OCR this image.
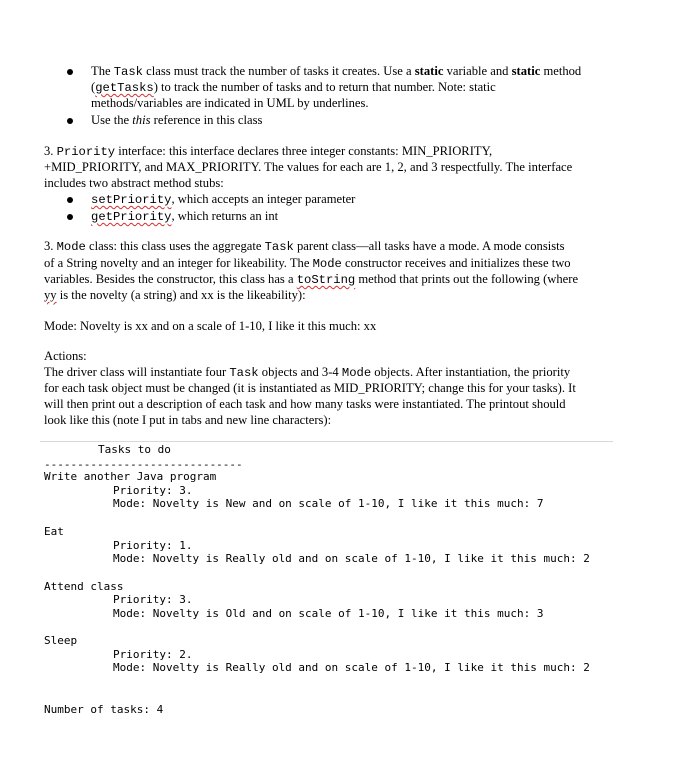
The Task class must track the number of tasks it creates. Use a static variable and static method
(getTasks) to track the number of tasks and to return that number. Note: static
methods/variables are indicated in UML by underlines.
Use the this reference in this class
3. Priority interface: this interface declares three integer constants: MIN_PRIORITY,
+MID_PRIORITY, and MAX_PRIORITY. The values for each are 1, 2, and 3 respectfully. The interface
includes two abstract method stubs:
setPriority, which accepts an integer parameter
getPriority, which returns an int
3. Mode class: this class uses the aggregate Task parent class—all tasks have a mode. A mode consists
of a String novelty and an integer for likeability. The Mode constructor receives and initializes these two
variables. Besides the constructor, this class has a toString method that prints out the following (where
yy is the novelty (a string) and xx is the likeability):
Mode: Novelty is xx and on a scale of 1-10, I like it this much: xx
Actions:
The driver class will instantiate four Task objects and 3-4 Mode objects. After instantiation, the priority
for each task object must be changed (it is instantiated as MID_PRIORITY; change this for your tasks). It
will then print out a description of each task and how many tasks were instantiated. The printout should
look like this (note I put in tabs and new line characters):
Tasks to do
------------------------------
Write another Java program
Priority: 3.
Mode: Novelty is New and on scale of 1-10, I like it this much: 7
Eat
Priority: 1.
Mode: Novelty is Really old and on scale of 1-10, I like it this much: 2
Attend class
Priority: 3.
Mode: Novelty is Old and on scale of 1-10, I like it this much: 3
Sleep
Priority: 2.
Mode: Novelty is Really old and on scale of 1-10, I like it this much: 2
Number of tasks: 4
